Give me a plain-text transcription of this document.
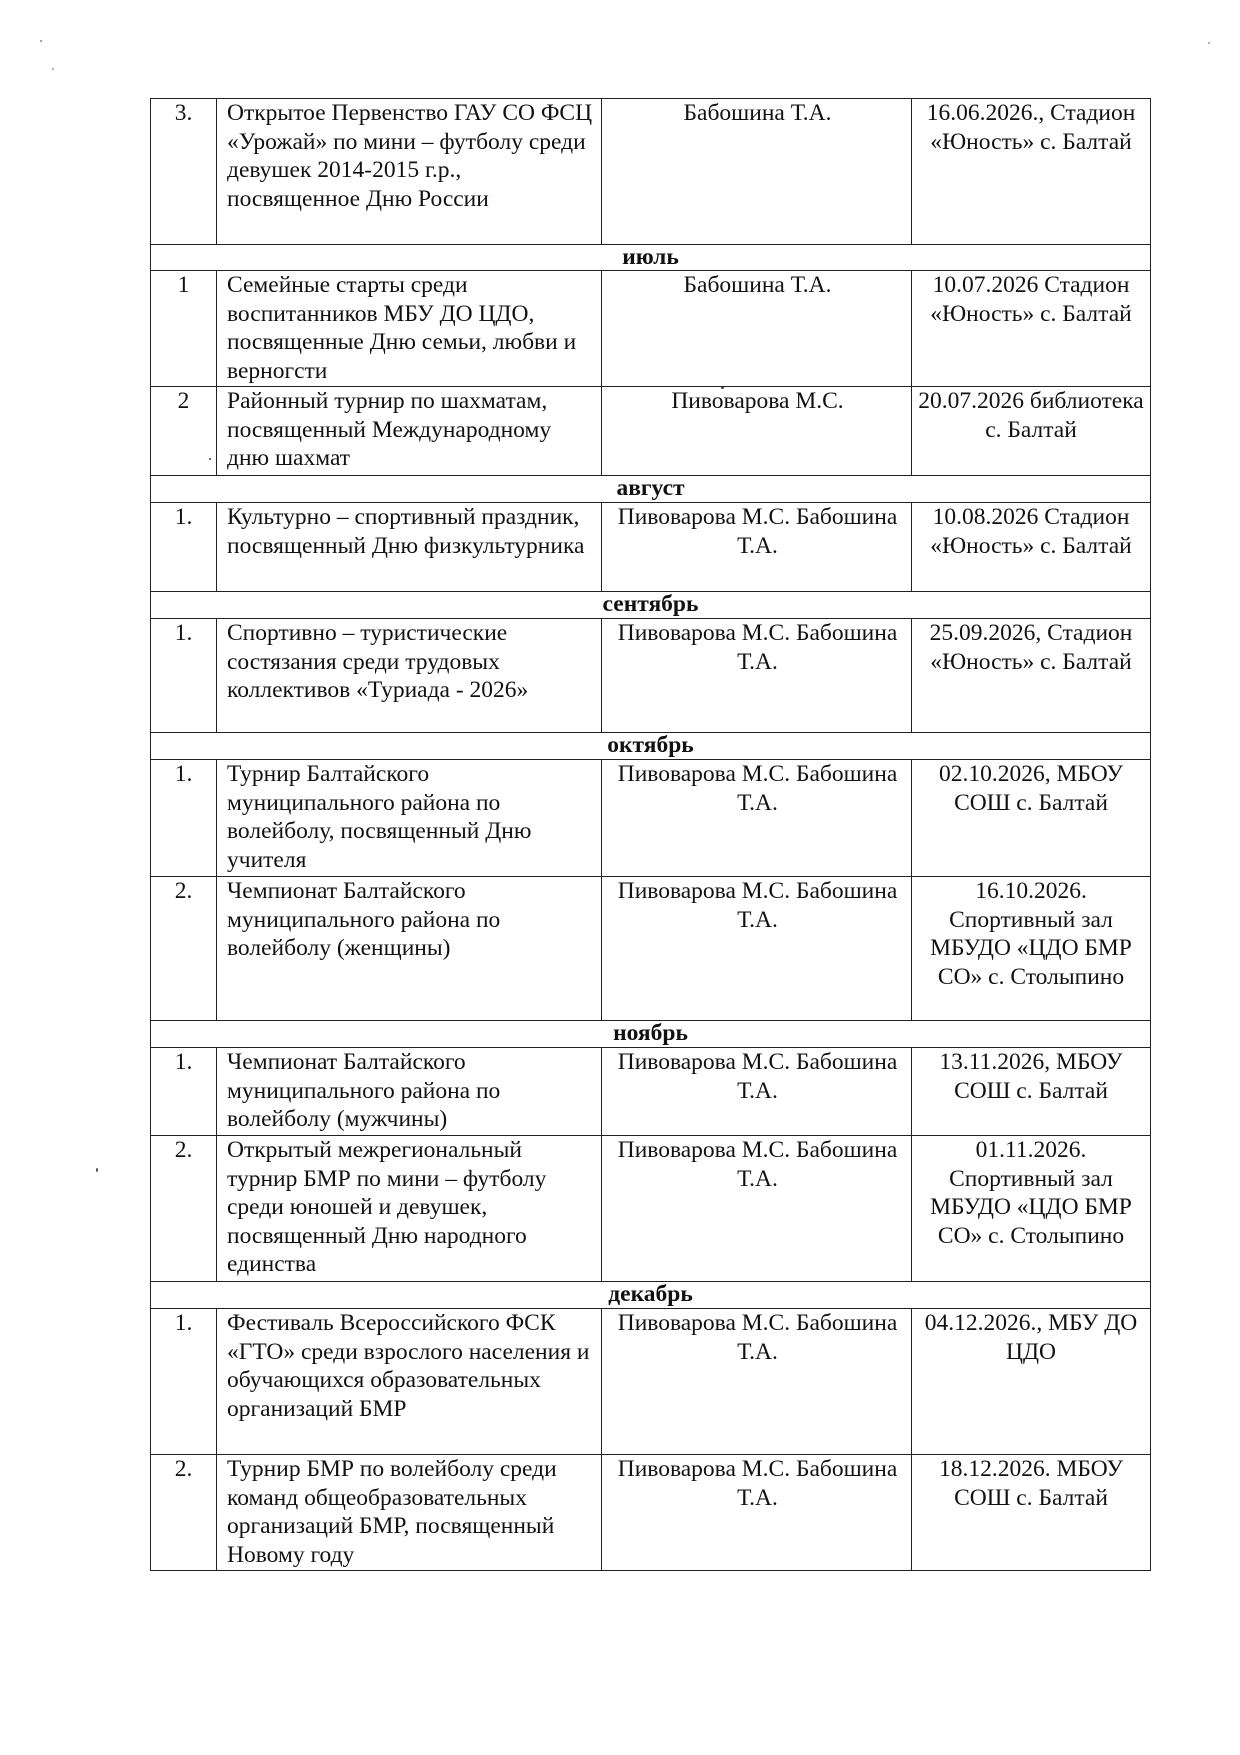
3.	Открытое Первенство ГАУ СО ФСЦ «Урожай» по мини – футболу среди девушек 2014-2015 г.р., посвященное Дню России	Бабошина Т.А.	16.06.2026., Стадион «Юность» с. Балтай
июль			
1	Семейные старты среди воспитанников МБУ ДО ЦДО, посвященные Дню семьи, любви и верногсти	Бабошина Т.А.	10.07.2026 Стадион «Юность» с. Балтай
2	Районный турнир по шахматам, посвященный Международному дню шахмат	Пивоварова М.С.	20.07.2026 библиотека с. Балтай
август			
1.	Культурно – спортивный праздник, посвященный Дню физкультурника	Пивоварова М.С. Бабошина Т.А.	10.08.2026 Стадион «Юность» с. Балтай
сентябрь			
1.	Спортивно – туристические состязания среди трудовых коллективов «Туриада - 2026»	Пивоварова М.С. Бабошина Т.А.	25.09.2026, Стадион «Юность» с. Балтай
октябрь			
1.	Турнир Балтайского муниципального района по волейболу, посвященный Дню учителя	Пивоварова М.С. Бабошина Т.А.	02.10.2026, МБОУ СОШ с. Балтай
2.	Чемпионат Балтайского муниципального района по волейболу (женщины)	Пивоварова М.С. Бабошина Т.А.	16.10.2026. Спортивный зал МБУДО «ЦДО БМР СО» с. Столыпино
ноябрь			
1.	Чемпионат Балтайского муниципального района по волейболу (мужчины)	Пивоварова М.С. Бабошина Т.А.	13.11.2026, МБОУ СОШ с. Балтай
2.	Открытый межрегиональный турнир БМР по мини – футболу среди юношей и девушек, посвященный Дню народного единства	Пивоварова М.С. Бабошина Т.А.	01.11.2026. Спортивный зал МБУДО «ЦДО БМР СО» с. Столыпино
декабрь			
1.	Фестиваль Всероссийского ФСК «ГТО» среди взрослого населения и обучающихся образовательных организаций БМР	Пивоварова М.С. Бабошина Т.А.	04.12.2026., МБУ ДО ЦДО
2.	Турнир БМР по волейболу среди команд общеобразовательных организаций БМР, посвященный Новому году	Пивоварова М.С. Бабошина Т.А.	18.12.2026. МБОУ СОШ с. Балтай
